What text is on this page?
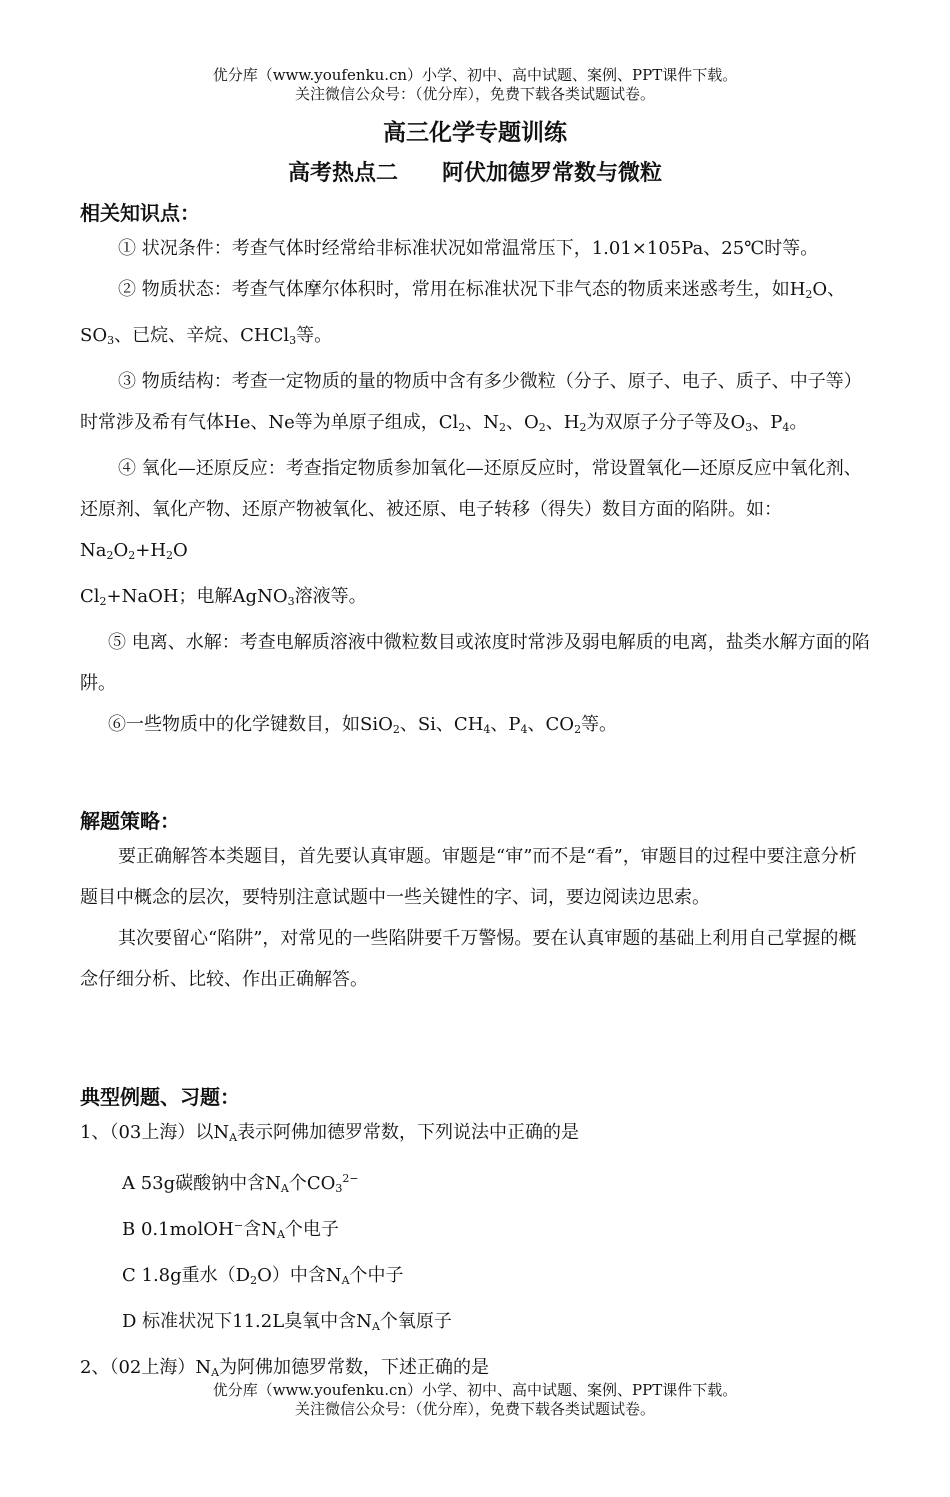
优分库（www.youfenku.cn）小学、初中、高中试题、案例、PPT课件下载。
关注微信公众号：（优分库），免费下载各类试题试卷。
高三化学专题训练
高考热点二　　阿伏加德罗常数与微粒

相关知识点：

① 状况条件：考查气体时经常给非标准状况如常温常压下，1.01×105Pa、25℃时等。

② 物质状态：考查气体摩尔体积时，常用在标准状况下非气态的物质来迷惑考生，如$H_2O$、$SO_3$、已烷、辛烷、CHCl$_3$等。

③ 物质结构：考查一定物质的量的物质中含有多少微粒（分子、原子、电子、质子、中子等）时常涉及希有气体He、Ne等为单原子组成，$Cl_2$、$N_2$、$O_2$、$H_2$为双原子分子等及$O_3$、$P_4$。

④ 氧化—还原反应：考查指定物质参加氧化—还原反应时，常设置氧化—还原反应中氧化剂、还原剂、氧化产物、还原产物被氧化、被还原、电子转移（得失）数目方面的陷阱。如：$Na_2O_2+H_2O$

$Cl_2+NaOH$；电解AgNO$_3$溶液等。

⑤ 电离、水解：考查电解质溶液中微粒数目或浓度时常涉及弱电解质的电离，盐类水解方面的陷阱。

⑥一些物质中的化学键数目，如SiO$_2$、Si、$CH_4$、$P_4$、$CO_2$等。

解题策略：

要正确解答本类题目，首先要认真审题。审题是“审”而不是“看”，审题目的过程中要注意分析题目中概念的层次，要特别注意试题中一些关键性的字、词，要边阅读边思索。

其次要留心“陷阱”，对常见的一些陷阱要千万警惕。要在认真审题的基础上利用自己掌握的概念仔细分析、比较、作出正确解答。

典型例题、习题：

1、（03上海）以$N_A$表示阿佛加德罗常数，下列说法中正确的是

A 53g碳酸钠中含$N_A$个$CO_3^{2-}$

B 0.1molOH⁻含$N_A$个电子

C 1.8g重水$(D_2O)$中含$N_A$个中子

D 标准状况下11.2L臭氧中含$N_A$个氧原子

2、（02上海）$N_A$为阿佛加德罗常数，下述正确的是

优分库（www.youfenku.cn）小学、初中、高中试题、案例、PPT课件下载。
关注微信公众号：（优分库），免费下载各类试题试卷。
